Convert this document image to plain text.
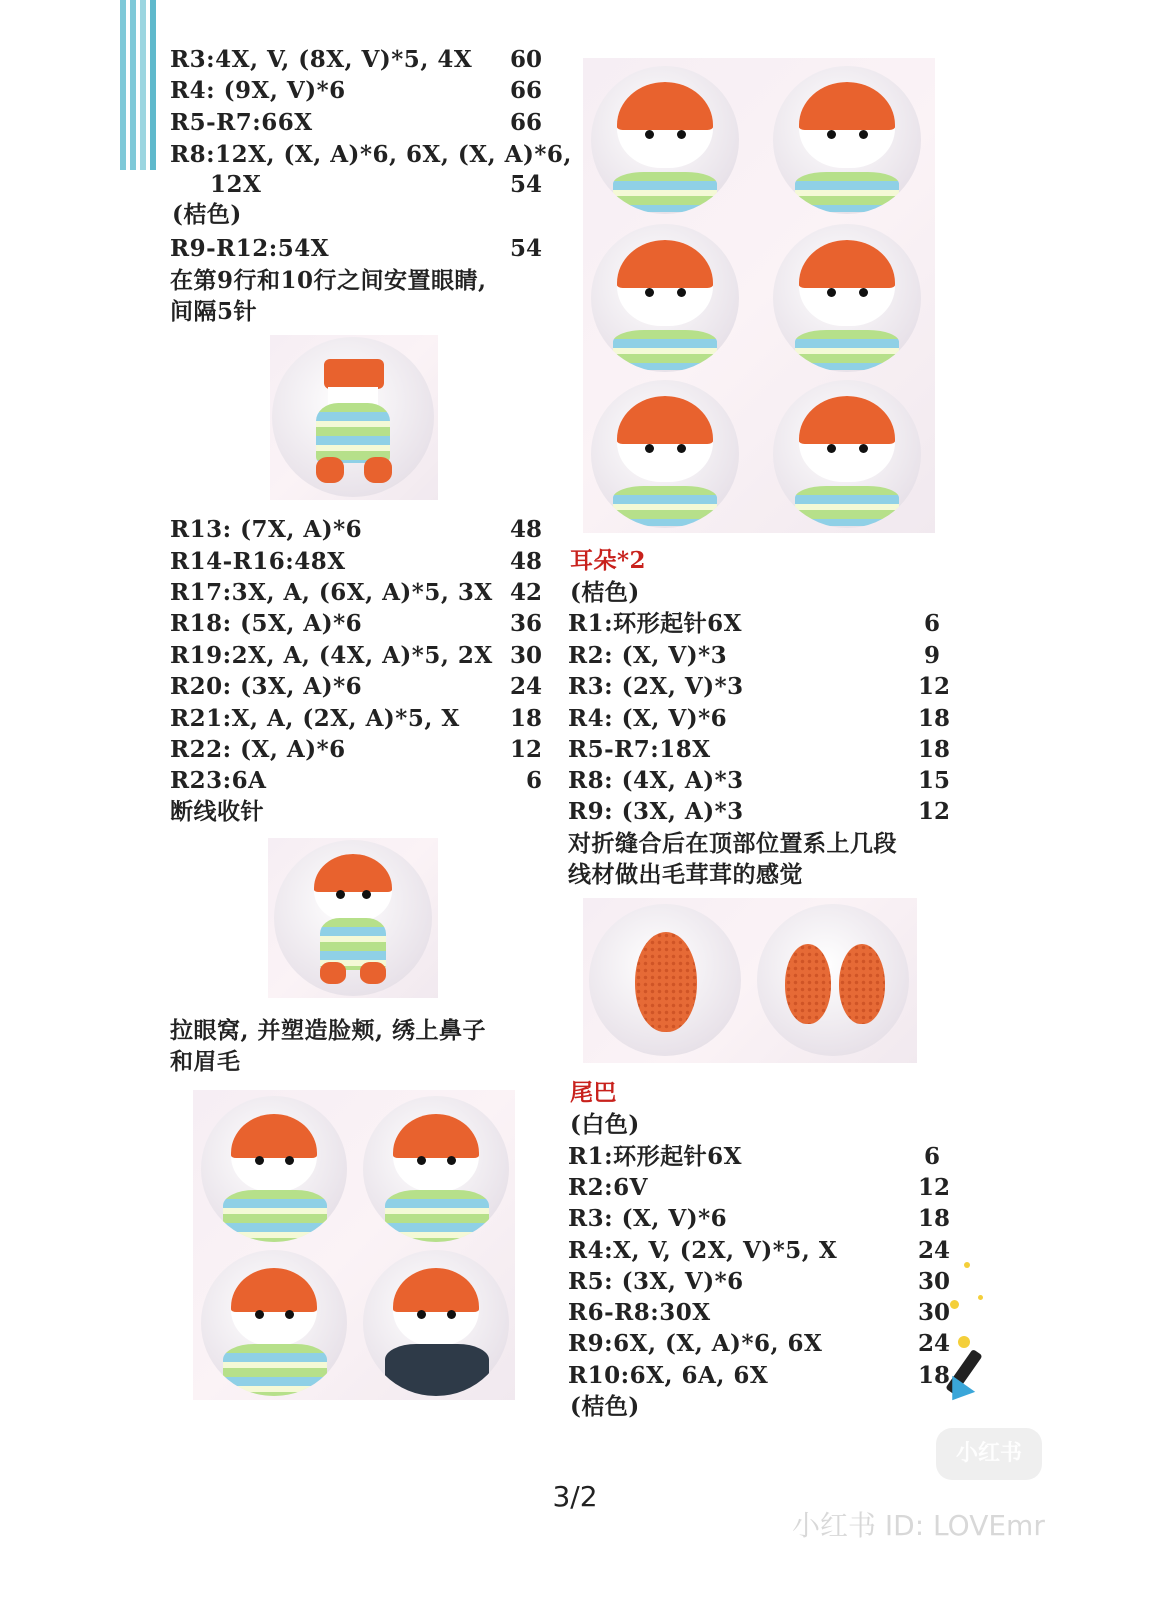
R3:4X, V, (8X, V)*5, 4X	60
R4: (9X, V)*6	66
R5-R7:66X	66
R8:12X, (X, A)*6, 6X, (X, A)*6,
12X	54
(桔色)
R9-R12:54X	54
在第9行和10行之间安置眼睛,
间隔5针
R13: (7X, A)*6	48
R14-R16:48X	48
R17:3X, A, (6X, A)*5, 3X 42
R18: (5X, A)*6	36
R19:2X, A, (4X, A)*5, 2X 30
R20: (3X, A)*6	24
R21:X, A, (2X, A)*5, X	18
R22: (X, A)*6	12
R23:6A	6
断线收针
拉眼窝, 并塑造脸颊, 绣上鼻子
和眉毛
耳朵*2
(桔色)
R1:环形起针6X	6
R2: (X, V)*3	9
R3: (2X, V)*3	12
R4: (X, V)*6	18
R5-R7:18X	18
R8: (4X, A)*3	15
R9: (3X, A)*3	12
对折缝合后在顶部位置系上几段
线材做出毛茸茸的感觉
尾巴
(白色)
R1:环形起针6X	6
R2:6V	12
R3: (X, V)*6	18
R4:X, V, (2X, V)*5, X	24
R5: (3X, V)*6	30
R6-R8:30X	30
R9:6X, (X, A)*6, 6X	24
R10:6X, 6A, 6X	18
(桔色)
小红书
3/2
小红书 ID: LOVEmr
